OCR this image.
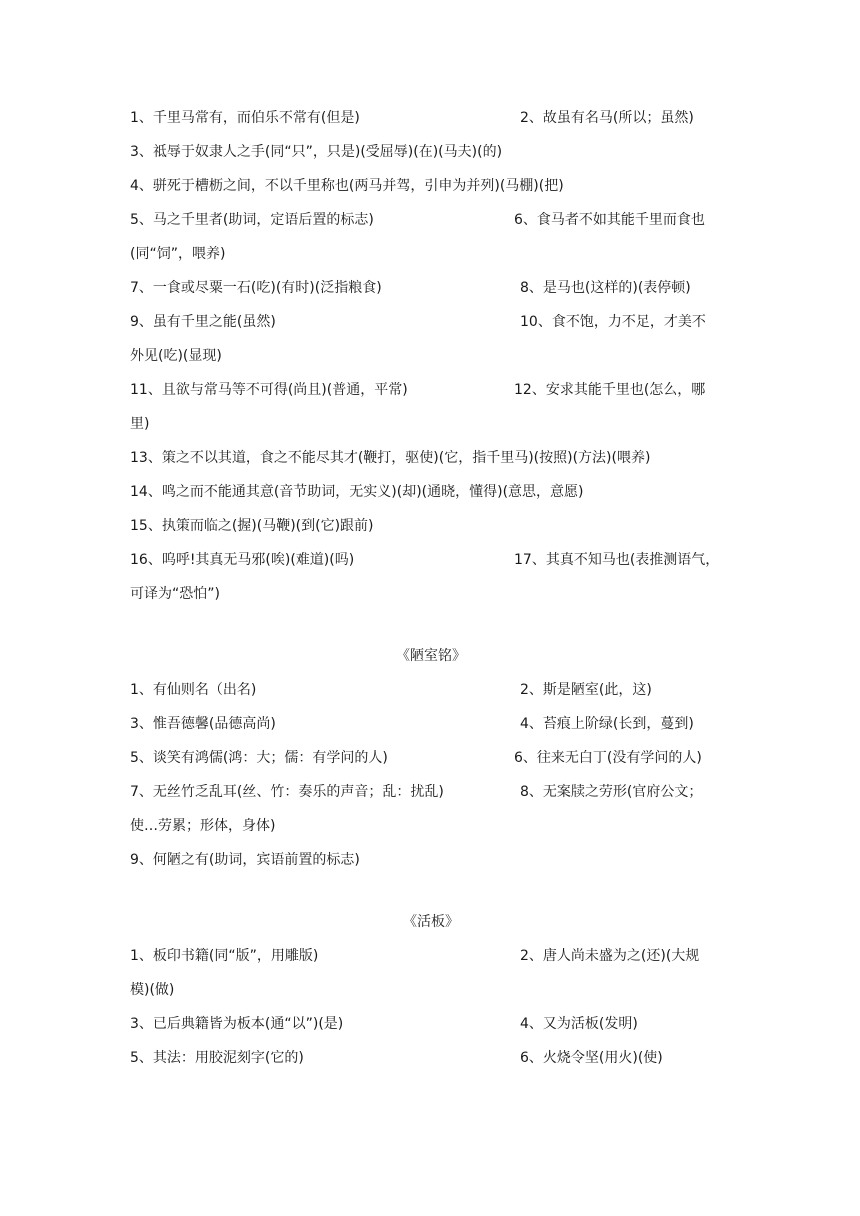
1、千里马常有，而伯乐不常有(但是)	2、故虽有名马(所以；虽然)
3、祗辱于奴隶人之手(同“只”，只是)(受屈辱)(在)(马夫)(的)
4、骈死于槽枥之间，不以千里称也(两马并驾，引申为并列)(马棚)(把)
5、马之千里者(助词，定语后置的标志)	6、食马者不如其能千里而食也
(同“饲”，喂养)
7、一食或尽粟一石(吃)(有时)(泛指粮食)	8、是马也(这样的)(表停顿)
9、虽有千里之能(虽然)	10、食不饱，力不足，才美不
外见(吃)(显现)
11、且欲与常马等不可得(尚且)(普通，平常)	12、安求其能千里也(怎么，哪
里)
13、策之不以其道，食之不能尽其才(鞭打，驱使)(它，指千里马)(按照)(方法)(喂养)
14、鸣之而不能通其意(音节助词，无实义)(却)(通晓，懂得)(意思，意愿)
15、执策而临之(握)(马鞭)(到(它)跟前)
16、呜呼!其真无马邪(唉)(难道)(吗)	17、其真不知马也(表推测语气，
可译为“恐怕”)
《陋室铭》
1、有仙则名（出名)	2、斯是陋室(此，这)
3、惟吾德馨(品德高尚)	4、苔痕上阶绿(长到，蔓到)
5、谈笑有鸿儒(鸿：大；儒：有学问的人)	6、往来无白丁(没有学问的人)
7、无丝竹乏乱耳(丝、竹：奏乐的声音；乱：扰乱)	8、无案牍之劳形(官府公文；
使…劳累；形体，身体)
9、何陋之有(助词，宾语前置的标志)
《活板》
1、板印书籍(同“版”，用雕版)	2、唐人尚未盛为之(还)(大规
模)(做)
3、已后典籍皆为板本(通“以”)(是)	4、又为活板(发明)
5、其法：用胶泥刻字(它的)	6、火烧令坚(用火)(使)
